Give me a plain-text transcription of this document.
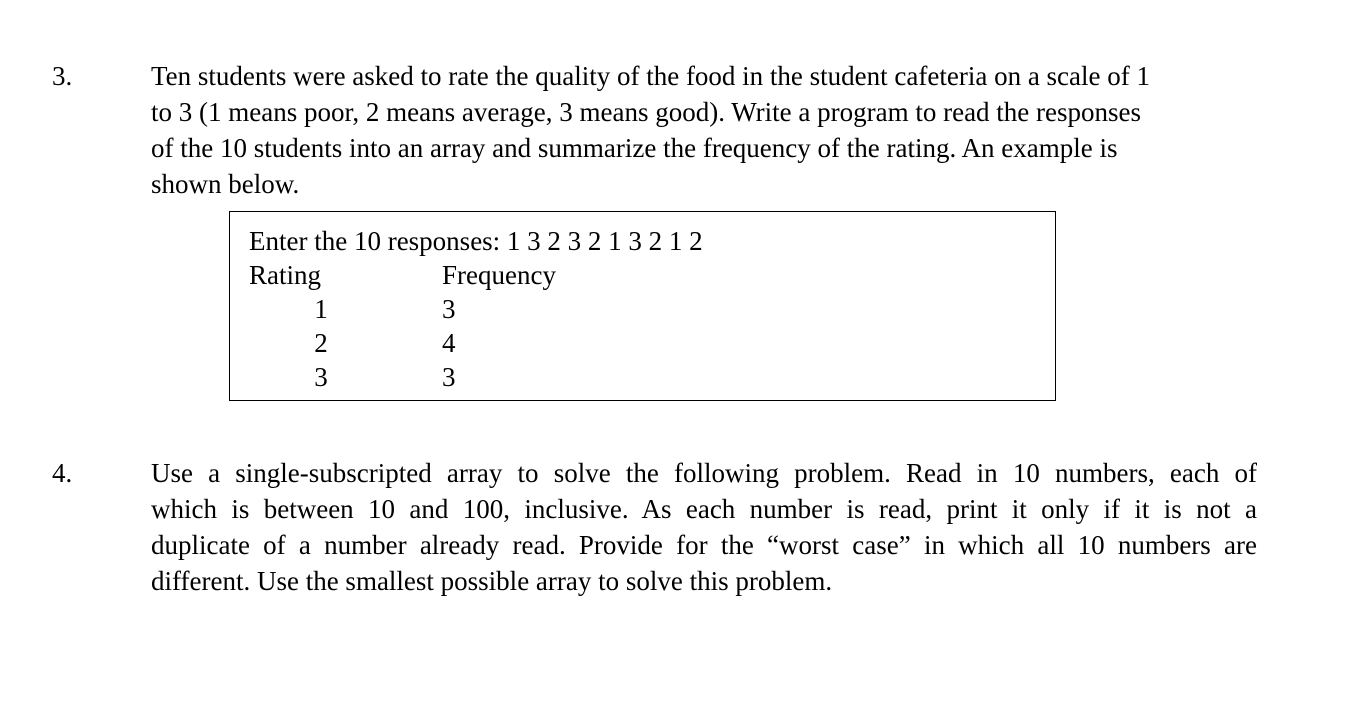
3.	Ten students were asked to rate the quality of the food in the student cafeteria on a scale of 1
to 3 (1 means poor, 2 means average, 3 means good). Write a program to read the responses
of the 10 students into an array and summarize the frequency of the rating. An example is
shown below.
Enter the 10 responses: 1 3 2 3 2 1 3 2 1 2
Rating	Frequency
1	3
2	4
3	3
4.	Use a single-subscripted array to solve the following problem. Read in 10 numbers, each of
which is between 10 and 100, inclusive. As each number is read, print it only if it is not a
duplicate of a number already read. Provide for the “worst case” in which all 10 numbers are
different. Use the smallest possible array to solve this problem.
